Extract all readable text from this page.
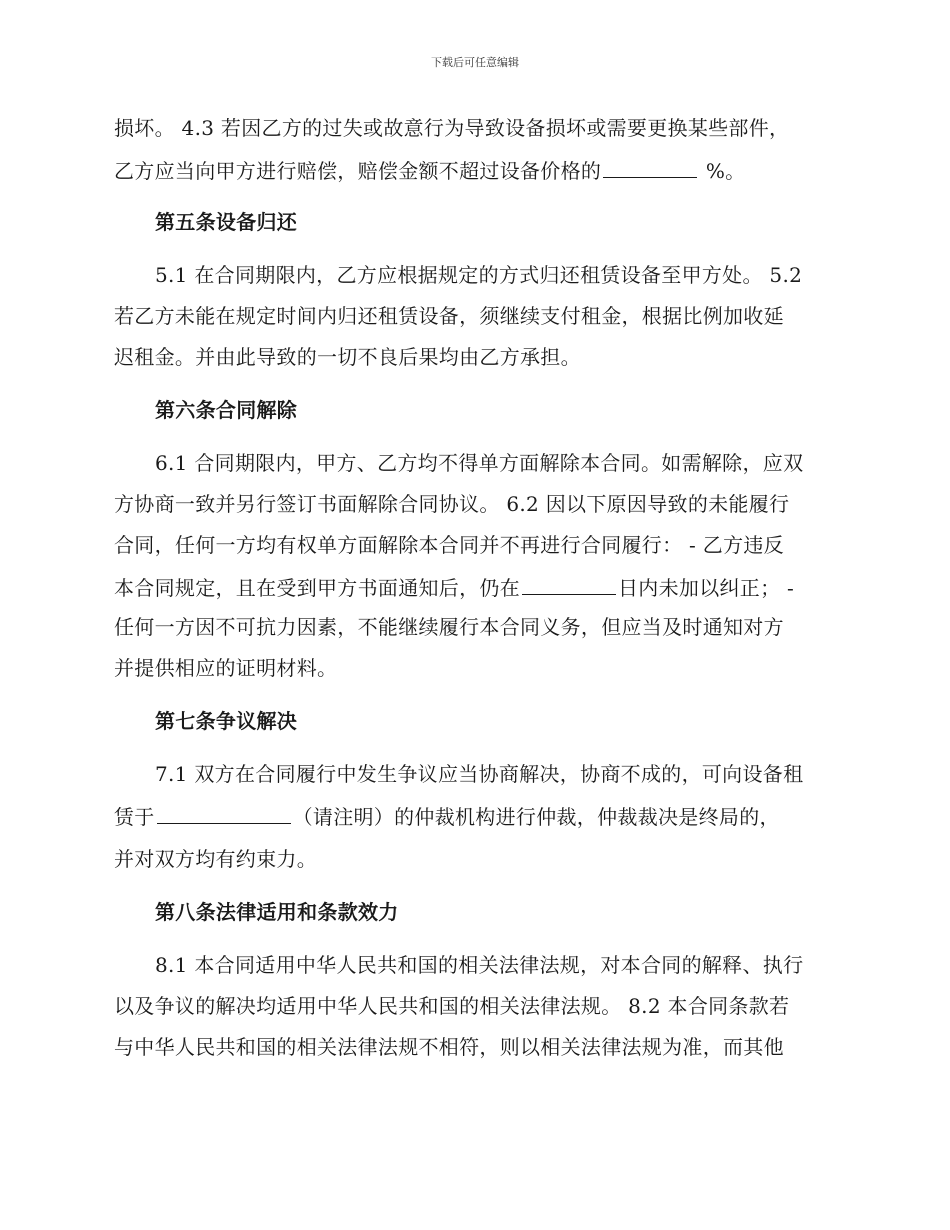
下载后可任意编辑
损坏。 4.3 若因乙方的过失或故意行为导致设备损坏或需要更换某些部件，
乙方应当向甲方进行赔偿，赔偿金额不超过设备价格的	%。
第五条设备归还
5.1 在合同期限内，乙方应根据规定的方式归还租赁设备至甲方处。 5.2
若乙方未能在规定时间内归还租赁设备，须继续支付租金，根据比例加收延
迟租金。并由此导致的一切不良后果均由乙方承担。
第六条合同解除
6.1 合同期限内，甲方、乙方均不得单方面解除本合同。如需解除，应双
方协商一致并另行签订书面解除合同协议。 6.2 因以下原因导致的未能履行
合同，任何一方均有权单方面解除本合同并不再进行合同履行： - 乙方违反
本合同规定，且在受到甲方书面通知后，仍在	日内未加以纠正； -
任何一方因不可抗力因素，不能继续履行本合同义务，但应当及时通知对方
并提供相应的证明材料。
第七条争议解决
7.1 双方在合同履行中发生争议应当协商解决，协商不成的，可向设备租
赁于	（请注明）的仲裁机构进行仲裁，仲裁裁决是终局的，
并对双方均有约束力。
第八条法律适用和条款效力
8.1 本合同适用中华人民共和国的相关法律法规，对本合同的解释、执行
以及争议的解决均适用中华人民共和国的相关法律法规。 8.2 本合同条款若
与中华人民共和国的相关法律法规不相符，则以相关法律法规为准，而其他
